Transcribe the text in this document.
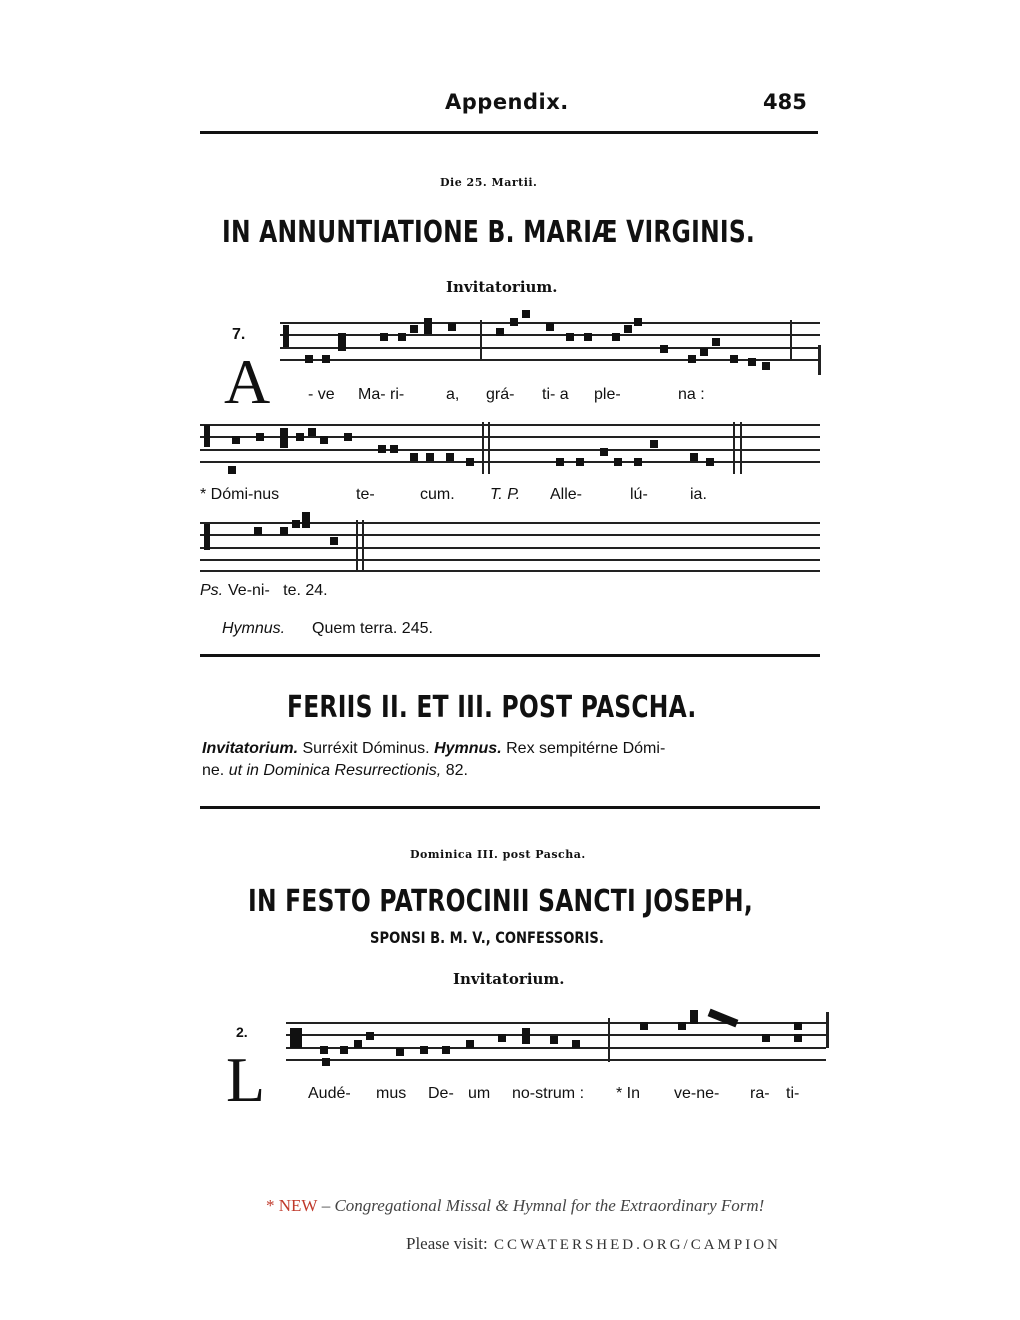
Appendix.	485
Die 25. Martii.
IN ANNUNTIATIONE B. MARIÆ VIRGINIS.
Invitatorium.
7.
A - ve Ma- ri-	a, grá- ti- a ple-	na :
* Dómi-nus	te-	cum. T. P. Alle-	lú-	ia.
Ps. Ve-ni-   te. 24.
Hymnus. Quem terra. 245.
FERIIS II. ET III. POST PASCHA.
Invitatorium. Surréxit Dóminus. Hymnus. Rex sempitérne Dómi-
ne. ut in Dominica Resurrectionis, 82.
Dominica III. post Pascha.
IN FESTO PATROCINII SANCTI JOSEPH,
SPONSI B. M. V., CONFESSORIS.
Invitatorium.
2.
L	Audé- mus De- um no-strum : * In ve-ne- ra- ti-
* NEW – Congregational Missal & Hymnal for the Extraordinary Form!
Please visit: CCWATERSHED.ORG/CAMPION
